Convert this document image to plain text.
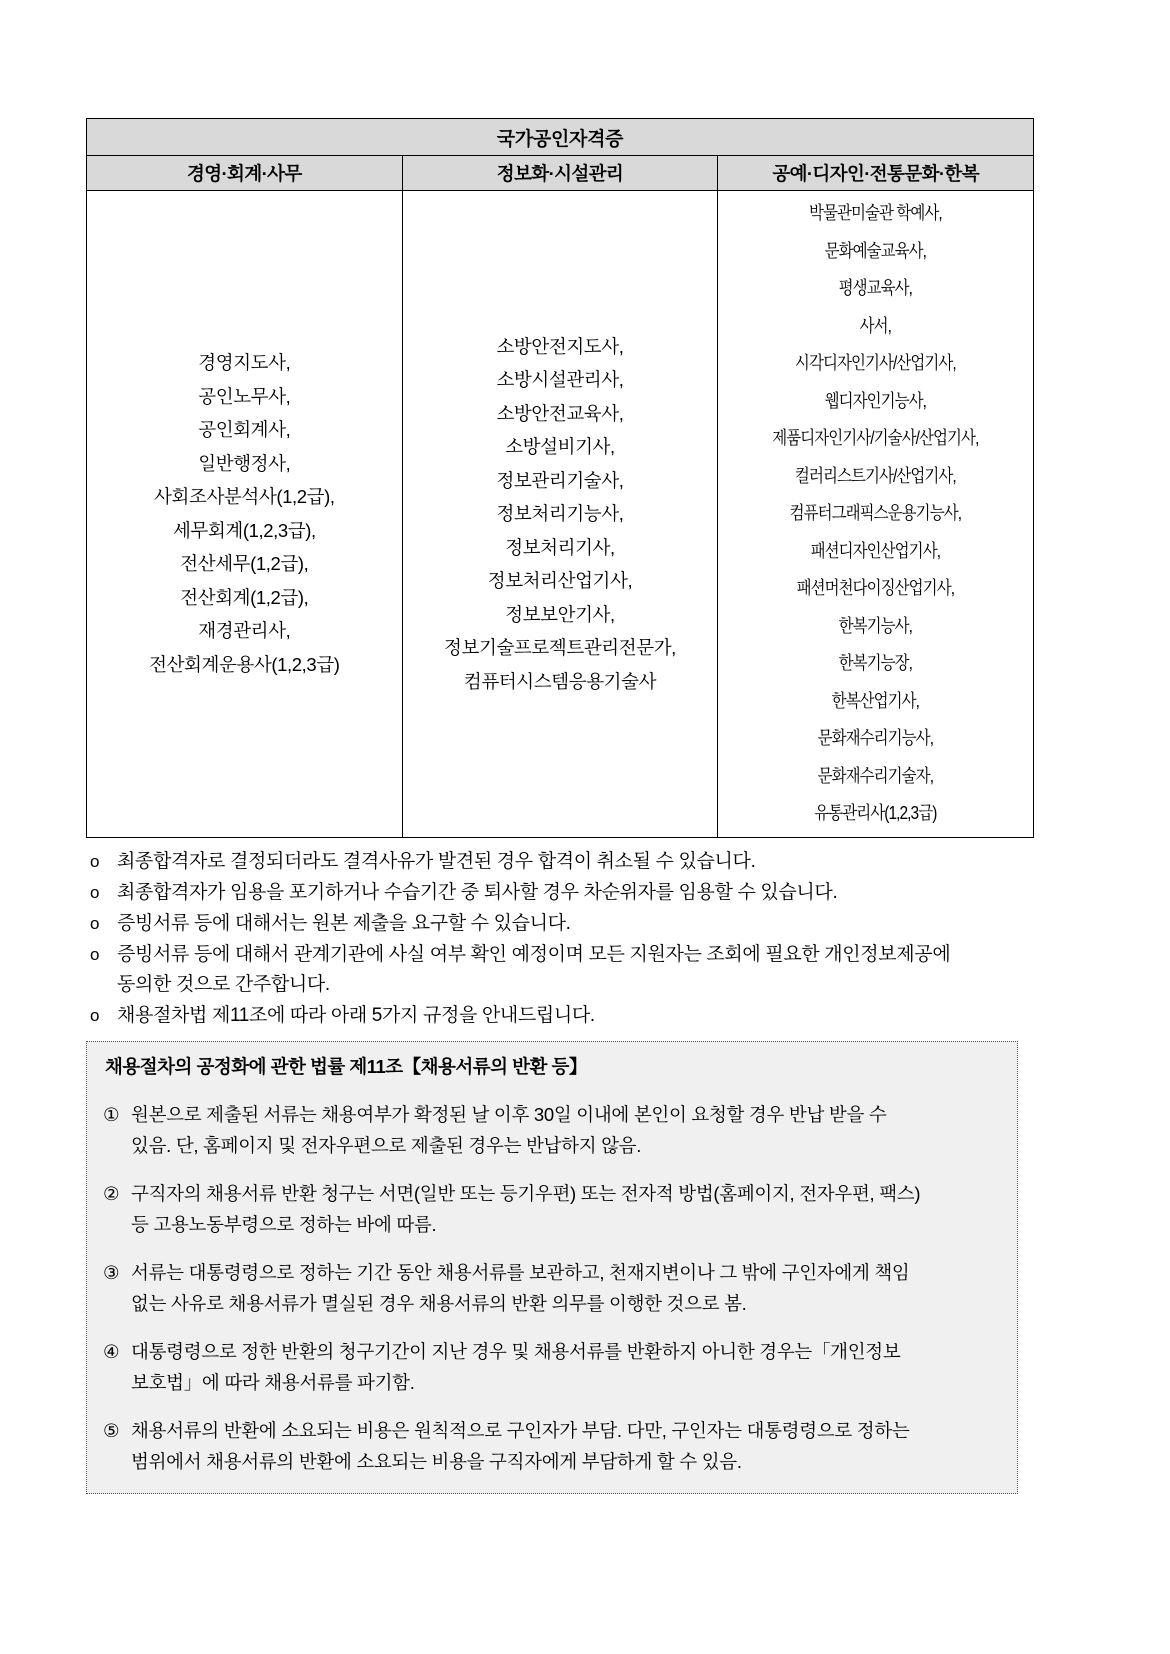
국가공인자격증		
경영·회계·사무	정보화·시설관리	공예·디자인·전통문화·한복

경영지도사,
공인노무사,
공인회계사,
일반행정사,
사회조사분석사(1,2급),
세무회계(1,2,3급),
전산세무(1,2급),
전산회계(1,2급),
재경관리사,
전산회계운용사(1,2,3급)

소방안전지도사,
소방시설관리사,
소방안전교육사,
소방설비기사,
정보관리기술사,
정보처리기능사,
정보처리기사,
정보처리산업기사,
정보보안기사,
정보기술프로젝트관리전문가,
컴퓨터시스템응용기술사

박물관미술관 학예사,
문화예술교육사,
평생교육사,
사서,
시각디자인기사/산업기사,
웹디자인기능사,
제품디자인기사/기술사/산업기사,
컬러리스트기사/산업기사,
컴퓨터그래픽스운용기능사,
패션디자인산업기사,
패션머천다이징산업기사,
한복기능사,
한복기능장,
한복산업기사,
문화재수리기능사,
문화재수리기술자,
유통관리사(1,2,3급)
o 최종합격자로 결정되더라도 결격사유가 발견된 경우 합격이 취소될 수 있습니다.
o 최종합격자가 임용을 포기하거나 수습기간 중 퇴사할 경우 차순위자를 임용할 수 있습니다.
o 증빙서류 등에 대해서는 원본 제출을 요구할 수 있습니다.
o 증빙서류 등에 대해서 관계기관에 사실 여부 확인 예정이며 모든 지원자는 조회에 필요한 개인정보제공에
동의한 것으로 간주합니다.
o 채용절차법 제11조에 따라 아래 5가지 규정을 안내드립니다.
채용절차의 공정화에 관한 법률 제11조【채용서류의 반환 등】
① 원본으로 제출된 서류는 채용여부가 확정된 날 이후 30일 이내에 본인이 요청할 경우 반납 받을 수
있음. 단, 홈페이지 및 전자우편으로 제출된 경우는 반납하지 않음.
② 구직자의 채용서류 반환 청구는 서면(일반 또는 등기우편) 또는 전자적 방법(홈페이지, 전자우편, 팩스)
등 고용노동부령으로 정하는 바에 따름.
③ 서류는 대통령령으로 정하는 기간 동안 채용서류를 보관하고, 천재지변이나 그 밖에 구인자에게 책임
없는 사유로 채용서류가 멸실된 경우 채용서류의 반환 의무를 이행한 것으로 봄.
④ 대통령령으로 정한 반환의 청구기간이 지난 경우 및 채용서류를 반환하지 아니한 경우는「개인정보
보호법」에 따라 채용서류를 파기함.
⑤ 채용서류의 반환에 소요되는 비용은 원칙적으로 구인자가 부담. 다만, 구인자는 대통령령으로 정하는
범위에서 채용서류의 반환에 소요되는 비용을 구직자에게 부담하게 할 수 있음.
